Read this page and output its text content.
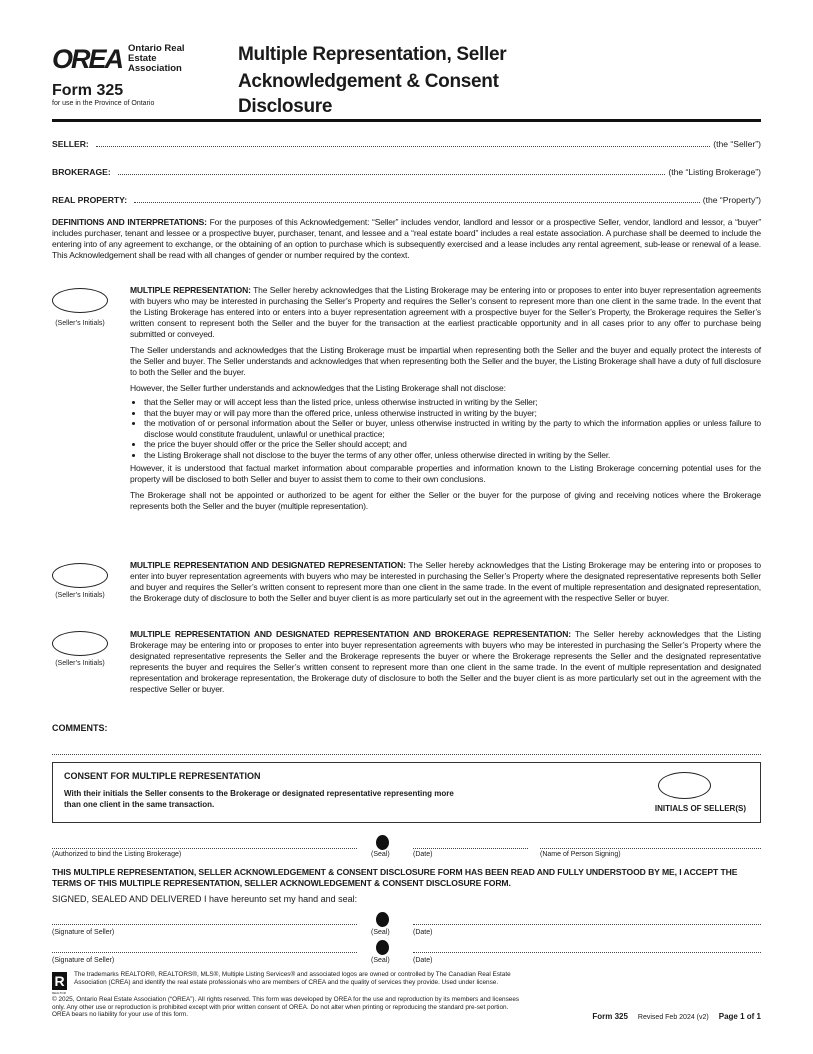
OREA Ontario Real Estate Association
Form 325
for use in the Province of Ontario
Multiple Representation, Seller
Acknowledgement & Consent
Disclosure
SELLER:	(the “Seller”)
BROKERAGE:	(the “Listing Brokerage”)
REAL PROPERTY:	(the “Property”)
DEFINITIONS AND INTERPRETATIONS: For the purposes of this Acknowledgement: “Seller” includes vendor, landlord and lessor or a prospective Seller, vendor, landlord and lessor, a “buyer” includes purchaser, tenant and lessee or a prospective buyer, purchaser, tenant, and lessee and a “real estate board” includes a real estate association. A purchase shall be deemed to include the entering into of any agreement to exchange, or the obtaining of an option to purchase which is subsequently exercised and a lease includes any rental agreement, sub-lease or renewal of a lease. This Acknowledgement shall be read with all changes of gender or number required by the context.
(Seller’s Initials)

MULTIPLE REPRESENTATION: The Seller hereby acknowledges that the Listing Brokerage may be entering into or proposes to enter into buyer representation agreements with buyers who may be interested in purchasing the Seller’s Property and requires the Seller’s consent to represent more than one client in the same trade. In the event that the Listing Brokerage has entered into or enters into a buyer representation agreement with a prospective buyer for the Seller’s Property, the Brokerage requires the Seller’s written consent to represent both the Seller and the buyer for the transaction at the earliest practicable opportunity and in all cases prior to any offer to purchase being submitted or conveyed.

The Seller understands and acknowledges that the Listing Brokerage must be impartial when representing both the Seller and the buyer and equally protect the interests of the Seller and buyer. The Seller understands and acknowledges that when representing both the Seller and the buyer, the Listing Brokerage shall have a duty of full disclosure to both the Seller and the buyer.

However, the Seller further understands and acknowledges that the Listing Brokerage shall not disclose:

• that the Seller may or will accept less than the listed price, unless otherwise instructed in writing by the Seller;
• that the buyer may or will pay more than the offered price, unless otherwise instructed in writing by the buyer;
• the motivation of or personal information about the Seller or buyer, unless otherwise instructed in writing by the party to which the information applies or unless failure to disclose would constitute fraudulent, unlawful or unethical practice;
• the price the buyer should offer or the price the Seller should accept; and
• the Listing Brokerage shall not disclose to the buyer the terms of any other offer, unless otherwise directed in writing by the Seller.

However, it is understood that factual market information about comparable properties and information known to the Listing Brokerage concerning potential uses for the property will be disclosed to both Seller and buyer to assist them to come to their own conclusions.

The Brokerage shall not be appointed or authorized to be agent for either the Seller or the buyer for the purpose of giving and receiving notices where the Brokerage represents both the Seller and the buyer (multiple representation).

(Seller’s Initials)
MULTIPLE REPRESENTATION AND DESIGNATED REPRESENTATION: The Seller hereby acknowledges that the Listing Brokerage may be entering into or proposes to enter into buyer representation agreements with buyers who may be interested in purchasing the Seller’s Property where the designated representative represents both Seller and buyer and requires the Seller’s written consent to represent more than one client in the same trade. In the event of multiple representation and designated representation, the Brokerage duty of disclosure to both the Seller and buyer client is as more particularly set out in the agreement with the respective Seller or buyer.
(Seller’s Initials)
MULTIPLE REPRESENTATION AND DESIGNATED REPRESENTATION AND BROKERAGE REPRESENTATION: The Seller hereby acknowledges that the Listing Brokerage may be entering into or proposes to enter into buyer representation agreements with buyers who may be interested in purchasing the Seller’s Property where the designated representative represents the Seller and the Brokerage represents the buyer or where the Brokerage represents the Seller and the designated representative represents the buyer and requires the Seller’s written consent to represent more than one client in the same trade. In the event of multiple representation and designated representation and brokerage representation, the Brokerage duty of disclosure to both the Seller and the buyer client is as more particularly set out in the agreement with the respective Seller or buyer.
COMMENTS:
CONSENT FOR MULTIPLE REPRESENTATION
With their initials the Seller consents to the Brokerage or designated representative representing more than one client in the same transaction.	INITIALS OF SELLER(S)
(Authorized to bind the Listing Brokerage)	(Seal)	(Date)	(Name of Person Signing)
THIS MULTIPLE REPRESENTATION, SELLER ACKNOWLEDGEMENT & CONSENT DISCLOSURE FORM HAS BEEN READ AND FULLY UNDERSTOOD BY ME, I ACCEPT THE TERMS OF THIS MULTIPLE REPRESENTATION, SELLER ACKNOWLEDGEMENT & CONSENT DISCLOSURE FORM.
SIGNED, SEALED AND DELIVERED I have hereunto set my hand and seal:
(Signature of Seller)	(Seal)	(Date)
(Signature of Seller)	(Seal)	(Date)
R
REALTOR
The trademarks REALTOR®, REALTORS®, MLS®, Multiple Listing Services® and associated logos are owned or controlled by The Canadian Real Estate Association (CREA) and identify the real estate professionals who are members of CREA and the quality of services they provide. Used under license.
© 2025, Ontario Real Estate Association (“OREA”). All rights reserved. This form was developed by OREA for the use and reproduction by its members and licensees only. Any other use or reproduction is prohibited except with prior written consent of OREA. Do not alter when printing or reproducing the standard pre-set portion. OREA bears no liability for your use of this form.	Form 325 Revised Feb 2024 (v2) Page 1 of 1
